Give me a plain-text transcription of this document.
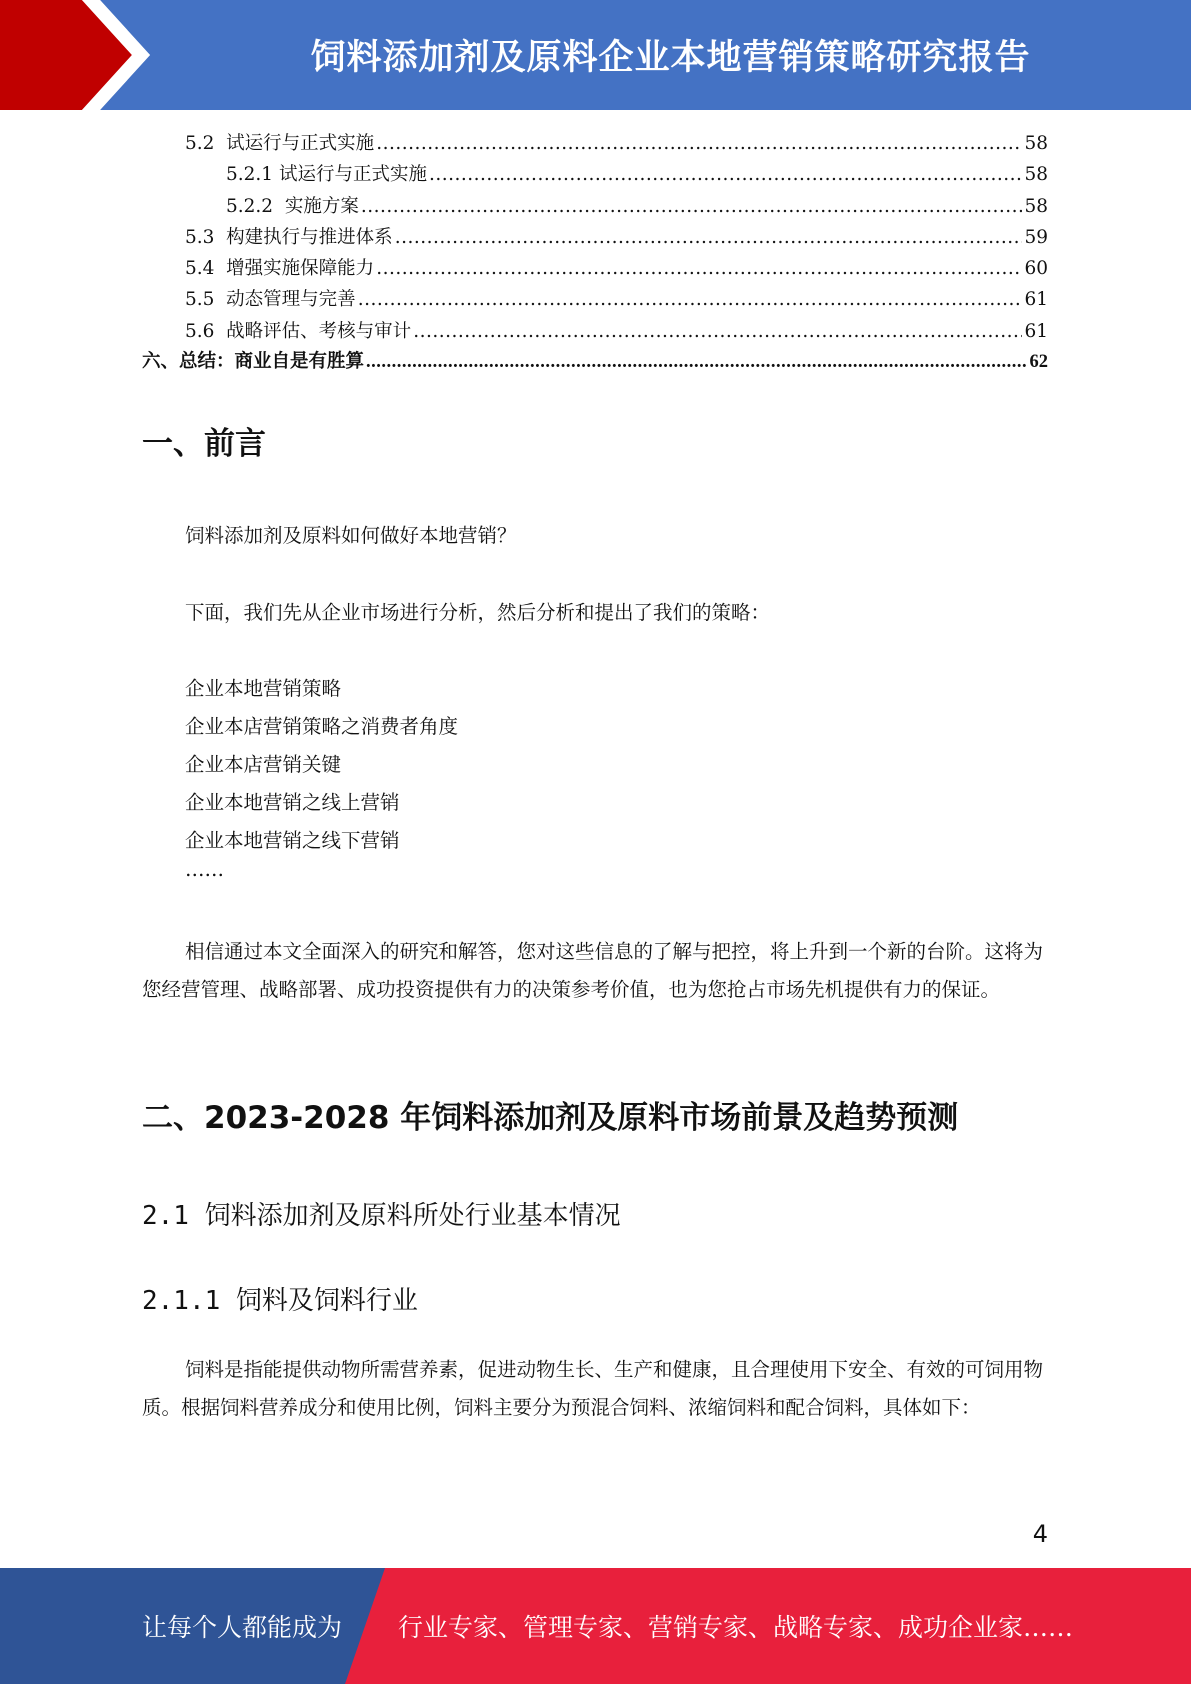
饲料添加剂及原料企业本地营销策略研究报告
5.2  试运行与正式实施 .....	58
5.2.1 试运行与正式实施 .....	58
5.2.2  实施方案 .....	58
5.3  构建执行与推进体系 .....	59
5.4  增强实施保障能力 .....	60
5.5  动态管理与完善 .....	61
5.6  战略评估、考核与审计 .....	61
六、总结：商业自是有胜算 .....	62
一、前言
饲料添加剂及原料如何做好本地营销？
下面，我们先从企业市场进行分析，然后分析和提出了我们的策略：
企业本地营销策略
企业本店营销策略之消费者角度
企业本店营销关键
企业本地营销之线上营销
企业本地营销之线下营销
……
相信通过本文全面深入的研究和解答，您对这些信息的了解与把控，将上升到一个新的台阶。这将为您经营管理、战略部署、成功投资提供有力的决策参考价值，也为您抢占市场先机提供有力的保证。
二、2023-2028 年饲料添加剂及原料市场前景及趋势预测
2.1 饲料添加剂及原料所处行业基本情况
2.1.1 饲料及饲料行业
饲料是指能提供动物所需营养素，促进动物生长、生产和健康，且合理使用下安全、有效的可饲用物质。根据饲料营养成分和使用比例，饲料主要分为预混合饲料、浓缩饲料和配合饲料，具体如下：
4
让每个人都能成为 行业专家、管理专家、营销专家、战略专家、成功企业家……
